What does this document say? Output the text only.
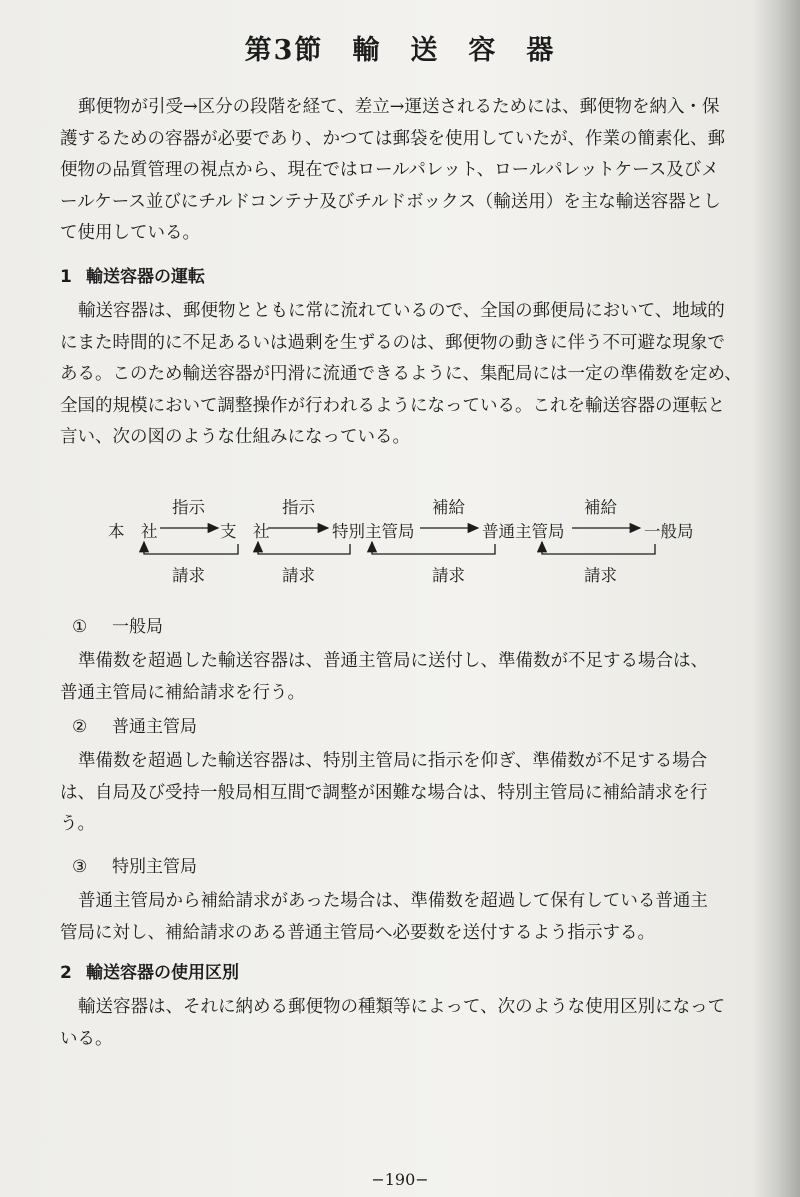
第3節　輸　送　容　器
郵便物が引受→区分の段階を経て、差立→運送されるためには、郵便物を納入・保
護するための容器が必要であり、かつては郵袋を使用していたが、作業の簡素化、郵
便物の品質管理の視点から、現在ではロールパレット、ロールパレットケース及びメ
ールケース並びにチルドコンテナ及びチルドボックス（輸送用）を主な輸送容器とし
て使用している。
1 輸送容器の運転
輸送容器は、郵便物とともに常に流れているので、全国の郵便局において、地域的
にまた時間的に不足あるいは過剰を生ずるのは、郵便物の動きに伴う不可避な現象で
ある。このため輸送容器が円滑に流通できるように、集配局には一定の準備数を定め、
全国的規模において調整操作が行われるようになっている。これを輸送容器の運転と
言い、次の図のような仕組みになっている。
指示	指示	補給	補給
本　社	支　社	特別主管局	普通主管局	一般局
請求	請求	請求	請求
① 一般局
準備数を超過した輸送容器は、普通主管局に送付し、準備数が不足する場合は、
普通主管局に補給請求を行う。
② 普通主管局
準備数を超過した輸送容器は、特別主管局に指示を仰ぎ、準備数が不足する場合
は、自局及び受持一般局相互間で調整が困難な場合は、特別主管局に補給請求を行
う。
③ 特別主管局
普通主管局から補給請求があった場合は、準備数を超過して保有している普通主
管局に対し、補給請求のある普通主管局へ必要数を送付するよう指示する。
2 輸送容器の使用区別
輸送容器は、それに納める郵便物の種類等によって、次のような使用区別になって
いる。
−190−
